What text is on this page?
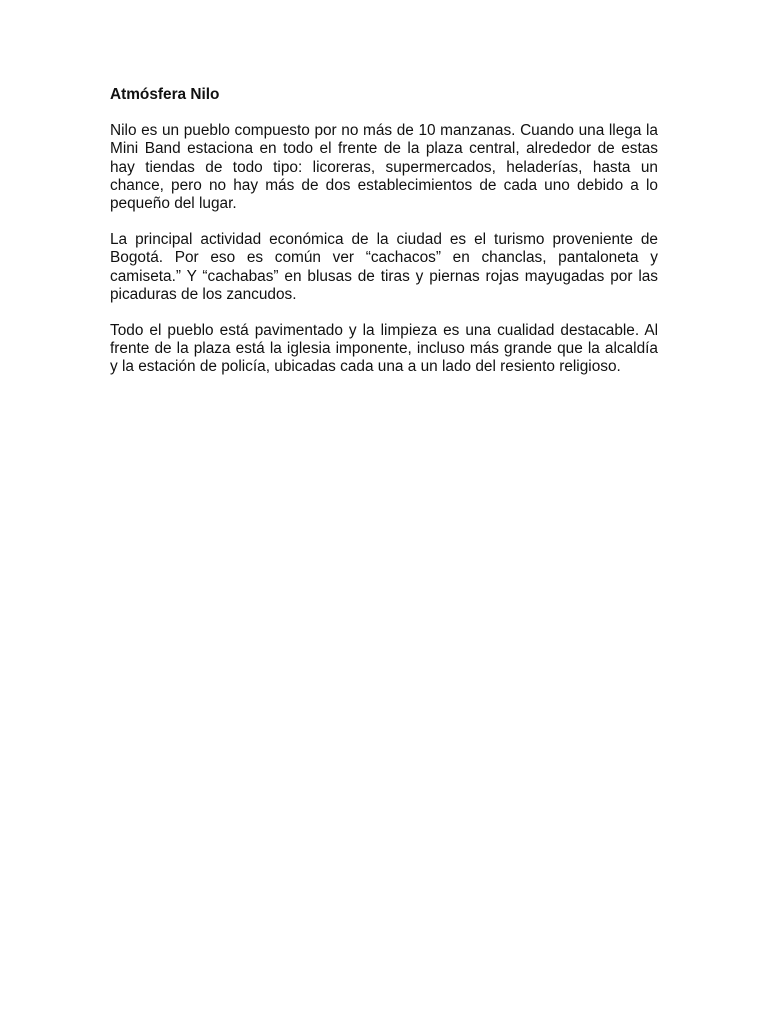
Atmósfera Nilo

Nilo es un pueblo compuesto por no más de 10 manzanas. Cuando una llega la Mini Band estaciona en todo el frente de la plaza central, alrededor de estas hay tiendas de todo tipo: licoreras, supermercados, heladerías, hasta un chance, pero no hay más de dos establecimientos de cada uno debido a lo pequeño del lugar.

La principal actividad económica de la ciudad es el turismo proveniente de Bogotá. Por eso es común ver “cachacos” en chanclas, pantaloneta y camiseta.” Y “cachabas” en blusas de tiras y piernas rojas mayugadas por las picaduras de los zancudos.

Todo el pueblo está pavimentado y la limpieza es una cualidad destacable. Al frente de la plaza está la iglesia imponente, incluso más grande que la alcaldía y la estación de policía, ubicadas cada una a un lado del resiento religioso.
